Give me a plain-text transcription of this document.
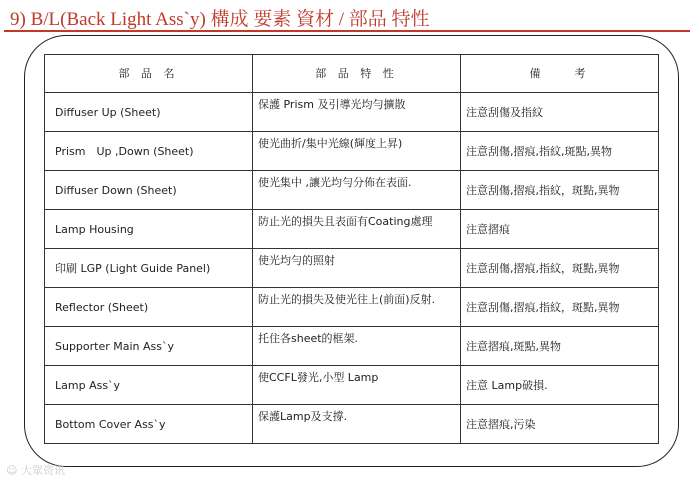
9) B/L(Back Light Ass`y) 構成 要素 資材 / 部品 特性
部 品 名	部 品 特 性	備　　考
Diffuser Up (Sheet)	保護 Prism 及引導光均勻擴散	注意刮傷及指紋
Prism　Up ,Down (Sheet)	使光曲折/集中光線(輝度上昇)	注意刮傷,摺痕,指紋,斑點,異物
Diffuser Down (Sheet)	使光集中 ,讓光均勻分佈在表面.	注意刮傷,摺痕,指紋，斑點,異物
Lamp Housing	防止光的損失且表面有Coating處理	注意摺痕
印刷 LGP (Light Guide Panel)	使光均勻的照射	注意刮傷,摺痕,指紋，斑點,異物
Reflector (Sheet)	防止光的損失及使光往上(前面)反射.	注意刮傷,摺痕,指紋，斑點,異物
Supporter Main Ass`y	托住各sheet的框架.	注意摺痕,斑點,異物
Lamp Ass`y	使CCFL發光,小型 Lamp	注意 Lamp破損.
Bottom Cover Ass`y	保護Lamp及支撐.	注意摺痕,污染
☺ 大眾资讯
